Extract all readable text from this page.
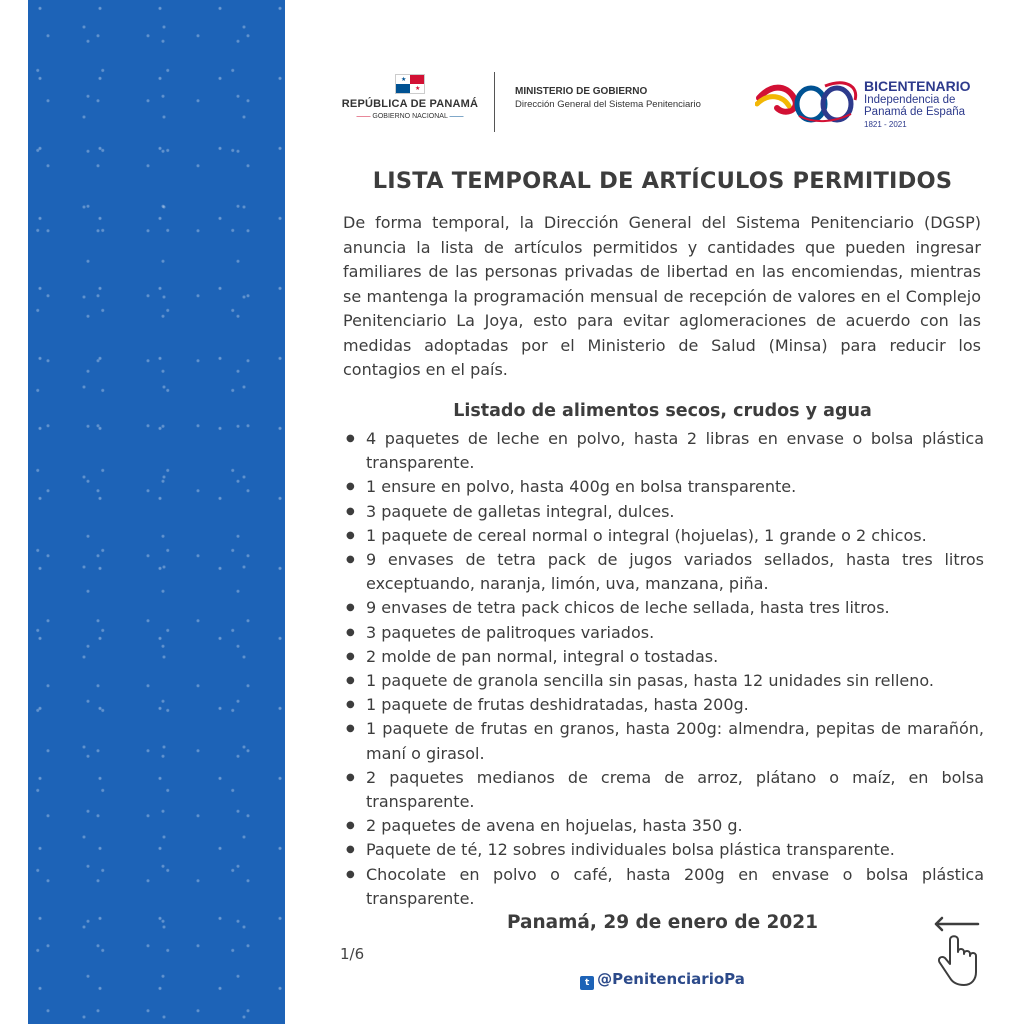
★
★
REPÚBLICA DE PANAMÁ
—— GOBIERNO NACIONAL ——
MINISTERIO DE GOBIERNO
Dirección General del Sistema Penitenciario
BICENTENARIO
Independencia de
Panamá de España
1821 - 2021
LISTA TEMPORAL DE ARTÍCULOS PERMITIDOS

De forma temporal, la Dirección General del Sistema Penitenciario (DGSP) anuncia la lista de artículos permitidos y cantidades que pueden ingresar familiares de las personas privadas de libertad en las encomiendas, mientras se mantenga la programación mensual de recepción de valores en el Complejo Penitenciario La Joya, esto para evitar aglomeraciones de acuerdo con las medidas adoptadas por el Ministerio de Salud (Minsa) para reducir los contagios en el país.

Listado de alimentos secos, crudos y agua
● 4 paquetes de leche en polvo, hasta 2 libras en envase o bolsa plástica transparente.
● 1 ensure en polvo, hasta 400g en bolsa transparente.
● 3 paquete de galletas integral, dulces.
● 1 paquete de cereal normal o integral (hojuelas), 1 grande o 2 chicos.
● 9 envases de tetra pack de jugos variados sellados, hasta tres litros exceptuando, naranja, limón, uva, manzana, piña.
● 9 envases de tetra pack chicos de leche sellada, hasta tres litros.
● 3 paquetes de palitroques variados.
● 2 molde de pan normal, integral o tostadas.
● 1 paquete de granola sencilla sin pasas, hasta 12 unidades sin relleno.
● 1 paquete de frutas deshidratadas, hasta 200g.
● 1 paquete de frutas en granos, hasta 200g: almendra, pepitas de marañón, maní o girasol.
● 2 paquetes medianos de crema de arroz, plátano o maíz, en bolsa transparente.
● 2 paquetes de avena en hojuelas, hasta 350 g.
● Paquete de té, 12 sobres individuales bolsa plástica transparente.
● Chocolate en polvo o café, hasta 200g en envase o bolsa plástica transparente.
Panamá, 29 de enero de 2021
1/6
t @PenitenciarioPa
